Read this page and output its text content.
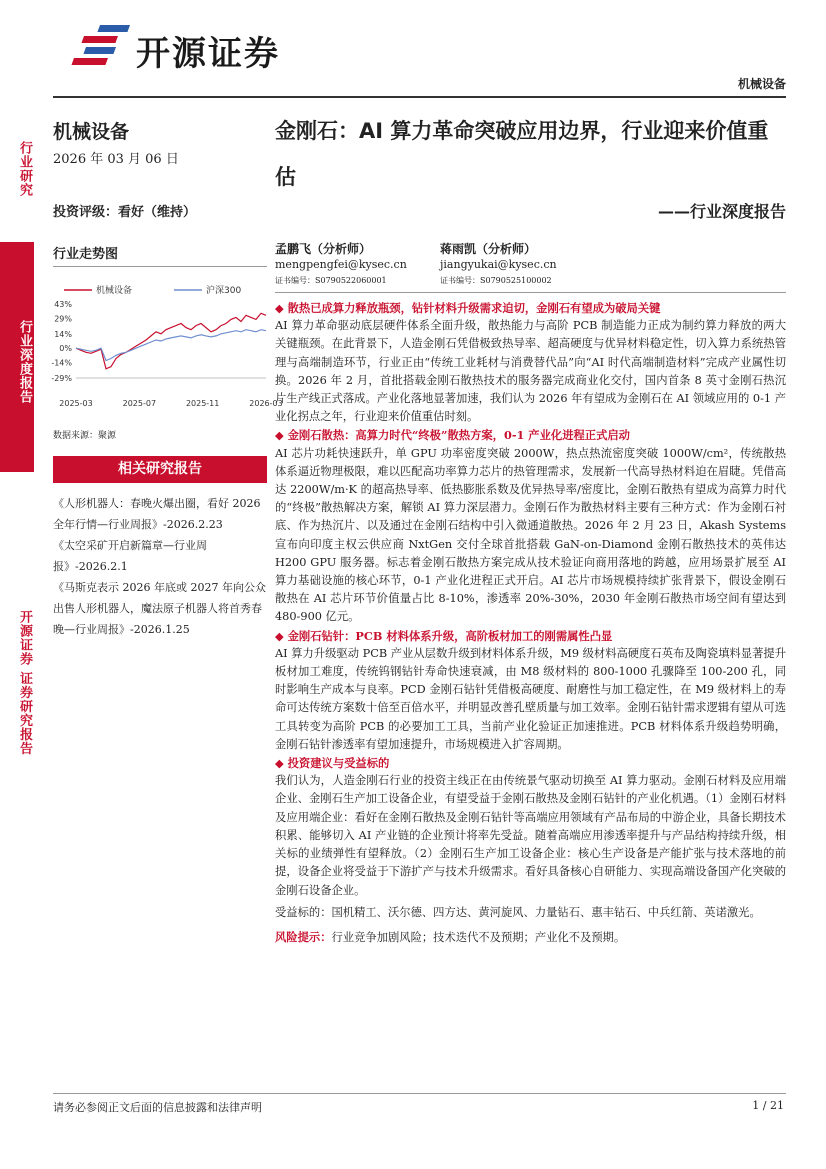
开源证券
机械设备
行业研究
行业深度报告
开源证券 证券研究报告
机械设备
2026 年 03 月 06 日
投资评级：看好（维持）
行业走势图
机械设备	沪深300
43%
29%
14%
0%
-14%
-29%
2025-03	2025-07	2025-11	2026-03
数据来源：聚源
相关研究报告

《人形机器人：春晚火爆出圈，看好 2026 全年行情—行业周报》-2026.2.23

《太空采矿开启新篇章—行业周报》-2026.2.1

《马斯克表示 2026 年底或 2027 年向公众出售人形机器人，魔法原子机器人将首秀春晚—行业周报》-2026.1.25

金刚石：AI 算力革命突破应用边界，行业迎来价值重估
——行业深度报告
孟鹏飞（分析师）
mengpengfei@kysec.cn
证书编号：S0790522060001
蒋雨凯（分析师）
jiangyukai@kysec.cn
证书编号：S0790525100002

◆ 散热已成算力释放瓶颈，钻针材料升级需求迫切，金刚石有望成为破局关键

AI 算力革命驱动底层硬件体系全面升级，散热能力与高阶 PCB 制造能力正成为制约算力释放的两大关键瓶颈。在此背景下，人造金刚石凭借极致热导率、超高硬度与优异材料稳定性，切入算力系统热管理与高端制造环节，行业正由“传统工业耗材与消费替代品”向“AI 时代高端制造材料”完成产业属性切换。2026 年 2 月，首批搭载金刚石散热技术的服务器完成商业化交付，国内首条 8 英寸金刚石热沉片生产线正式落成。产业化落地显著加速，我们认为 2026 年有望成为金刚石在 AI 领域应用的 0-1 产业化拐点之年，行业迎来价值重估时刻。

◆ 金刚石散热：高算力时代“终极”散热方案，0-1 产业化进程正式启动

AI 芯片功耗快速跃升，单 GPU 功率密度突破 2000W，热点热流密度突破 1000W/cm²，传统散热体系逼近物理极限，难以匹配高功率算力芯片的热管理需求，发展新一代高导热材料迫在眉睫。凭借高达 2200W/m·K 的超高热导率、低热膨胀系数及优异热导率/密度比，金刚石散热有望成为高算力时代的“终极”散热解决方案，解锁 AI 算力深层潜力。金刚石作为散热材料主要有三种方式：作为金刚石衬底、作为热沉片、以及通过在金刚石结构中引入微通道散热。2026 年 2 月 23 日，Akash Systems 宣布向印度主权云供应商 NxtGen 交付全球首批搭载 GaN-on-Diamond 金刚石散热技术的英伟达 H200 GPU 服务器。标志着金刚石散热方案完成从技术验证向商用落地的跨越，应用场景扩展至 AI 算力基础设施的核心环节，0-1 产业化进程正式开启。AI 芯片市场规模持续扩张背景下，假设金刚石散热在 AI 芯片环节价值量占比 8-10%，渗透率 20%-30%，2030 年金刚石散热市场空间有望达到 480-900 亿元。

◆ 金刚石钻针：PCB 材料体系升级，高阶板材加工的刚需属性凸显

AI 算力升级驱动 PCB 产业从层数升级到材料体系升级，M9 级材料高硬度石英布及陶瓷填料显著提升板材加工难度，传统钨钢钻针寿命快速衰减，由 M8 级材料的 800-1000 孔骤降至 100-200 孔，同时影响生产成本与良率。PCD 金刚石钻针凭借极高硬度、耐磨性与加工稳定性，在 M9 级材料上的寿命可达传统方案数十倍至百倍水平，并明显改善孔壁质量与加工效率。金刚石钻针需求逻辑有望从可选工具转变为高阶 PCB 的必要加工工具，当前产业化验证正加速推进。PCB 材料体系升级趋势明确，金刚石钻针渗透率有望加速提升，市场规模进入扩容周期。

◆ 投资建议与受益标的

我们认为，人造金刚石行业的投资主线正在由传统景气驱动切换至 AI 算力驱动。金刚石材料及应用端企业、金刚石生产加工设备企业，有望受益于金刚石散热及金刚石钻针的产业化机遇。（1）金刚石材料及应用端企业：看好在金刚石散热及金刚石钻针等高端应用领域有产品布局的中游企业，具备长期技术积累、能够切入 AI 产业链的企业预计将率先受益。随着高端应用渗透率提升与产品结构持续升级，相关标的业绩弹性有望释放。（2）金刚石生产加工设备企业：核心生产设备是产能扩张与技术落地的前提，设备企业将受益于下游扩产与技术升级需求。看好具备核心自研能力、实现高端设备国产化突破的金刚石设备企业。

受益标的：国机精工、沃尔德、四方达、黄河旋风、力量钻石、惠丰钻石、中兵红箭、英诺激光。

风险提示：行业竞争加剧风险；技术迭代不及预期；产业化不及预期。

请务必参阅正文后面的信息披露和法律声明	1 / 21
